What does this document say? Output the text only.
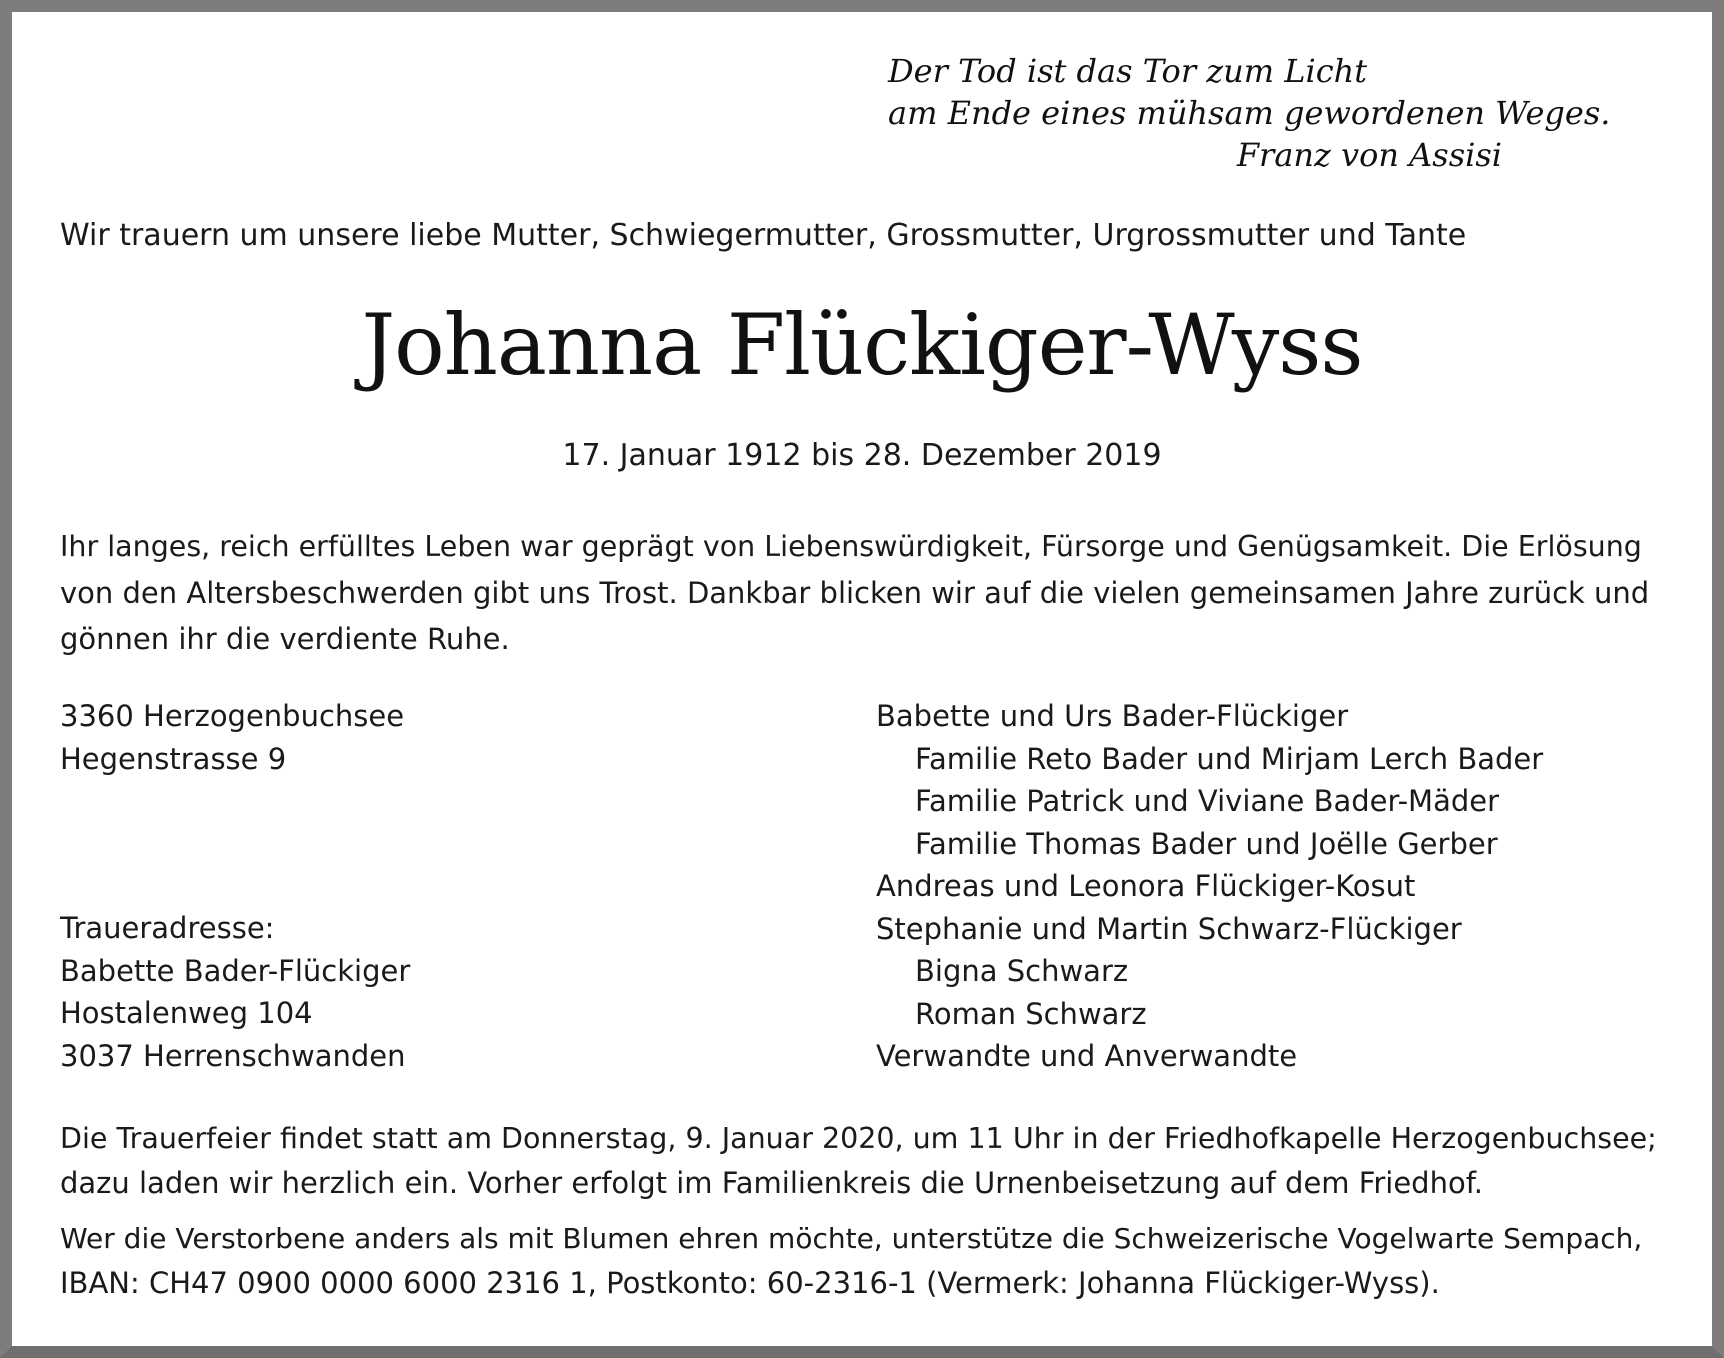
Der Tod ist das Tor zum Licht
am Ende eines mühsam gewordenen Weges.
Franz von Assisi
Wir trauern um unsere liebe Mutter, Schwiegermutter, Grossmutter, Urgrossmutter und Tante
Johanna Flückiger-Wyss
17. Januar 1912 bis 28. Dezember 2019
Ihr langes, reich erfülltes Leben war geprägt von Liebenswürdigkeit, Fürsorge und Genügsamkeit. Die Erlösung
von den Altersbeschwerden gibt uns Trost. Dankbar blicken wir auf die vielen gemeinsamen Jahre zurück und
gönnen ihr die verdiente Ruhe.
3360 Herzogenbuchsee
Hegenstrasse 9
Traueradresse:
Babette Bader-Flückiger
Hostalenweg 104
3037 Herrenschwanden
Babette und Urs Bader-Flückiger
Familie Reto Bader und Mirjam Lerch Bader
Familie Patrick und Viviane Bader-Mäder
Familie Thomas Bader und Joëlle Gerber
Andreas und Leonora Flückiger-Kosut
Stephanie und Martin Schwarz-Flückiger
Bigna Schwarz
Roman Schwarz
Verwandte und Anverwandte
Die Trauerfeier findet statt am Donnerstag, 9. Januar 2020, um 11 Uhr in der Friedhofkapelle Herzogenbuchsee;
dazu laden wir herzlich ein. Vorher erfolgt im Familienkreis die Urnenbeisetzung auf dem Friedhof.
Wer die Verstorbene anders als mit Blumen ehren möchte, unterstütze die Schweizerische Vogelwarte Sempach,
IBAN: CH47 0900 0000 6000 2316 1, Postkonto: 60-2316-1 (Vermerk: Johanna Flückiger-Wyss).
